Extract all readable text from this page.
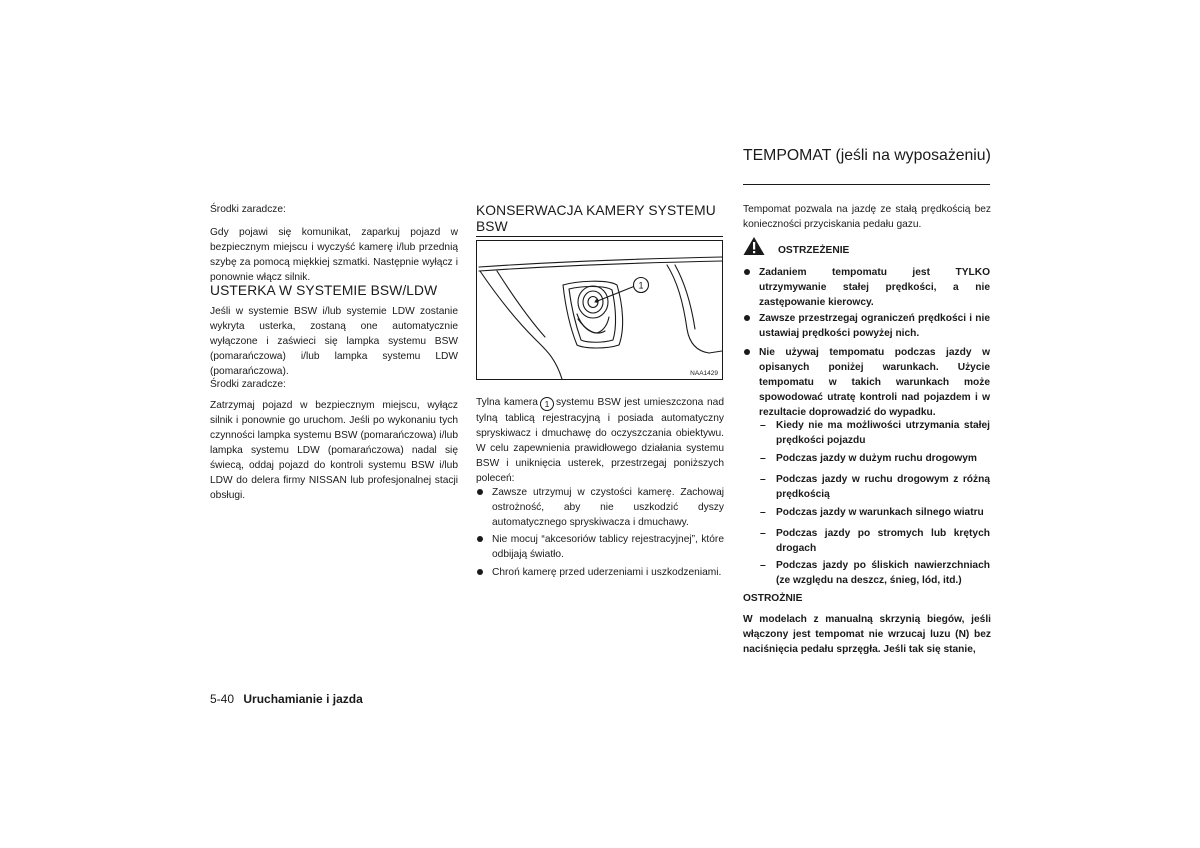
Środki zaradcze:

Gdy pojawi się komunikat, zaparkuj pojazd w bezpiecznym miejscu i wyczyść kamerę i/lub przednią szybę za pomocą miękkiej szmatki. Następnie wyłącz i ponownie włącz silnik.

USTERKA W SYSTEMIE BSW/LDW

Jeśli w systemie BSW i/lub systemie LDW zostanie wykryta usterka, zostaną one automatycznie wyłączone i zaświeci się lampka systemu BSW (pomarańczowa) i/lub lampka systemu LDW (pomarańczowa).

Środki zaradcze:

Zatrzymaj pojazd w bezpiecznym miejscu, wyłącz silnik i ponownie go uruchom. Jeśli po wykonaniu tych czynności lampka systemu BSW (pomarańczowa) i/lub lampka systemu LDW (pomarańczowa) nadal się świecą, oddaj pojazd do kontroli systemu BSW i/lub LDW do delera firmy NISSAN lub profesjonalnej stacji obsługi.

KONSERWACJA KAMERY SYSTEMU BSW
1
NAA1429

Tylna kamera 1 systemu BSW jest umieszczona nad tylną tablicą rejestracyjną i posiada automatyczny spryskiwacz i dmuchawę do oczyszczania obiektywu. W celu zapewnienia prawidłowego działania systemu BSW i uniknięcia usterek, przestrzegaj poniższych poleceń:

Zawsze utrzymuj w czystości kamerę. Zachowaj ostrożność, aby nie uszkodzić dyszy automatycznego spryskiwacza i dmuchawy.

Nie mocuj “akcesoriów tablicy rejestracyjnej”, które odbijają światło.

Chroń kamerę przed uderzeniami i uszkodzeniami.

TEMPOMAT (jeśli na wyposażeniu)

Tempomat pozwala na jazdę ze stałą prędkością bez konieczności przyciskania pedału gazu.

OSTRZEŻENIE

Zadaniem tempomatu jest TYLKO utrzymywanie stałej prędkości, a nie zastępowanie kierowcy.

Zawsze przestrzegaj ograniczeń prędkości i nie ustawiaj prędkości powyżej nich.

Nie używaj tempomatu podczas jazdy w opisanych poniżej warunkach. Użycie tempomatu w takich warunkach może spowodować utratę kontroli nad pojazdem i w rezultacie doprowadzić do wypadku.

– Kiedy nie ma możliwości utrzymania stałej prędkości pojazdu

– Podczas jazdy w dużym ruchu drogowym

– Podczas jazdy w ruchu drogowym z różną prędkością

– Podczas jazdy w warunkach silnego wiatru

– Podczas jazdy po stromych lub krętych drogach

– Podczas jazdy po śliskich nawierzchniach (ze względu na deszcz, śnieg, lód, itd.)

OSTROŻNIE

W modelach z manualną skrzynią biegów, jeśli włączony jest tempomat nie wrzucaj luzu (N) bez naciśnięcia pedału sprzęgła. Jeśli tak się stanie,

5-40 Uruchamianie i jazda
